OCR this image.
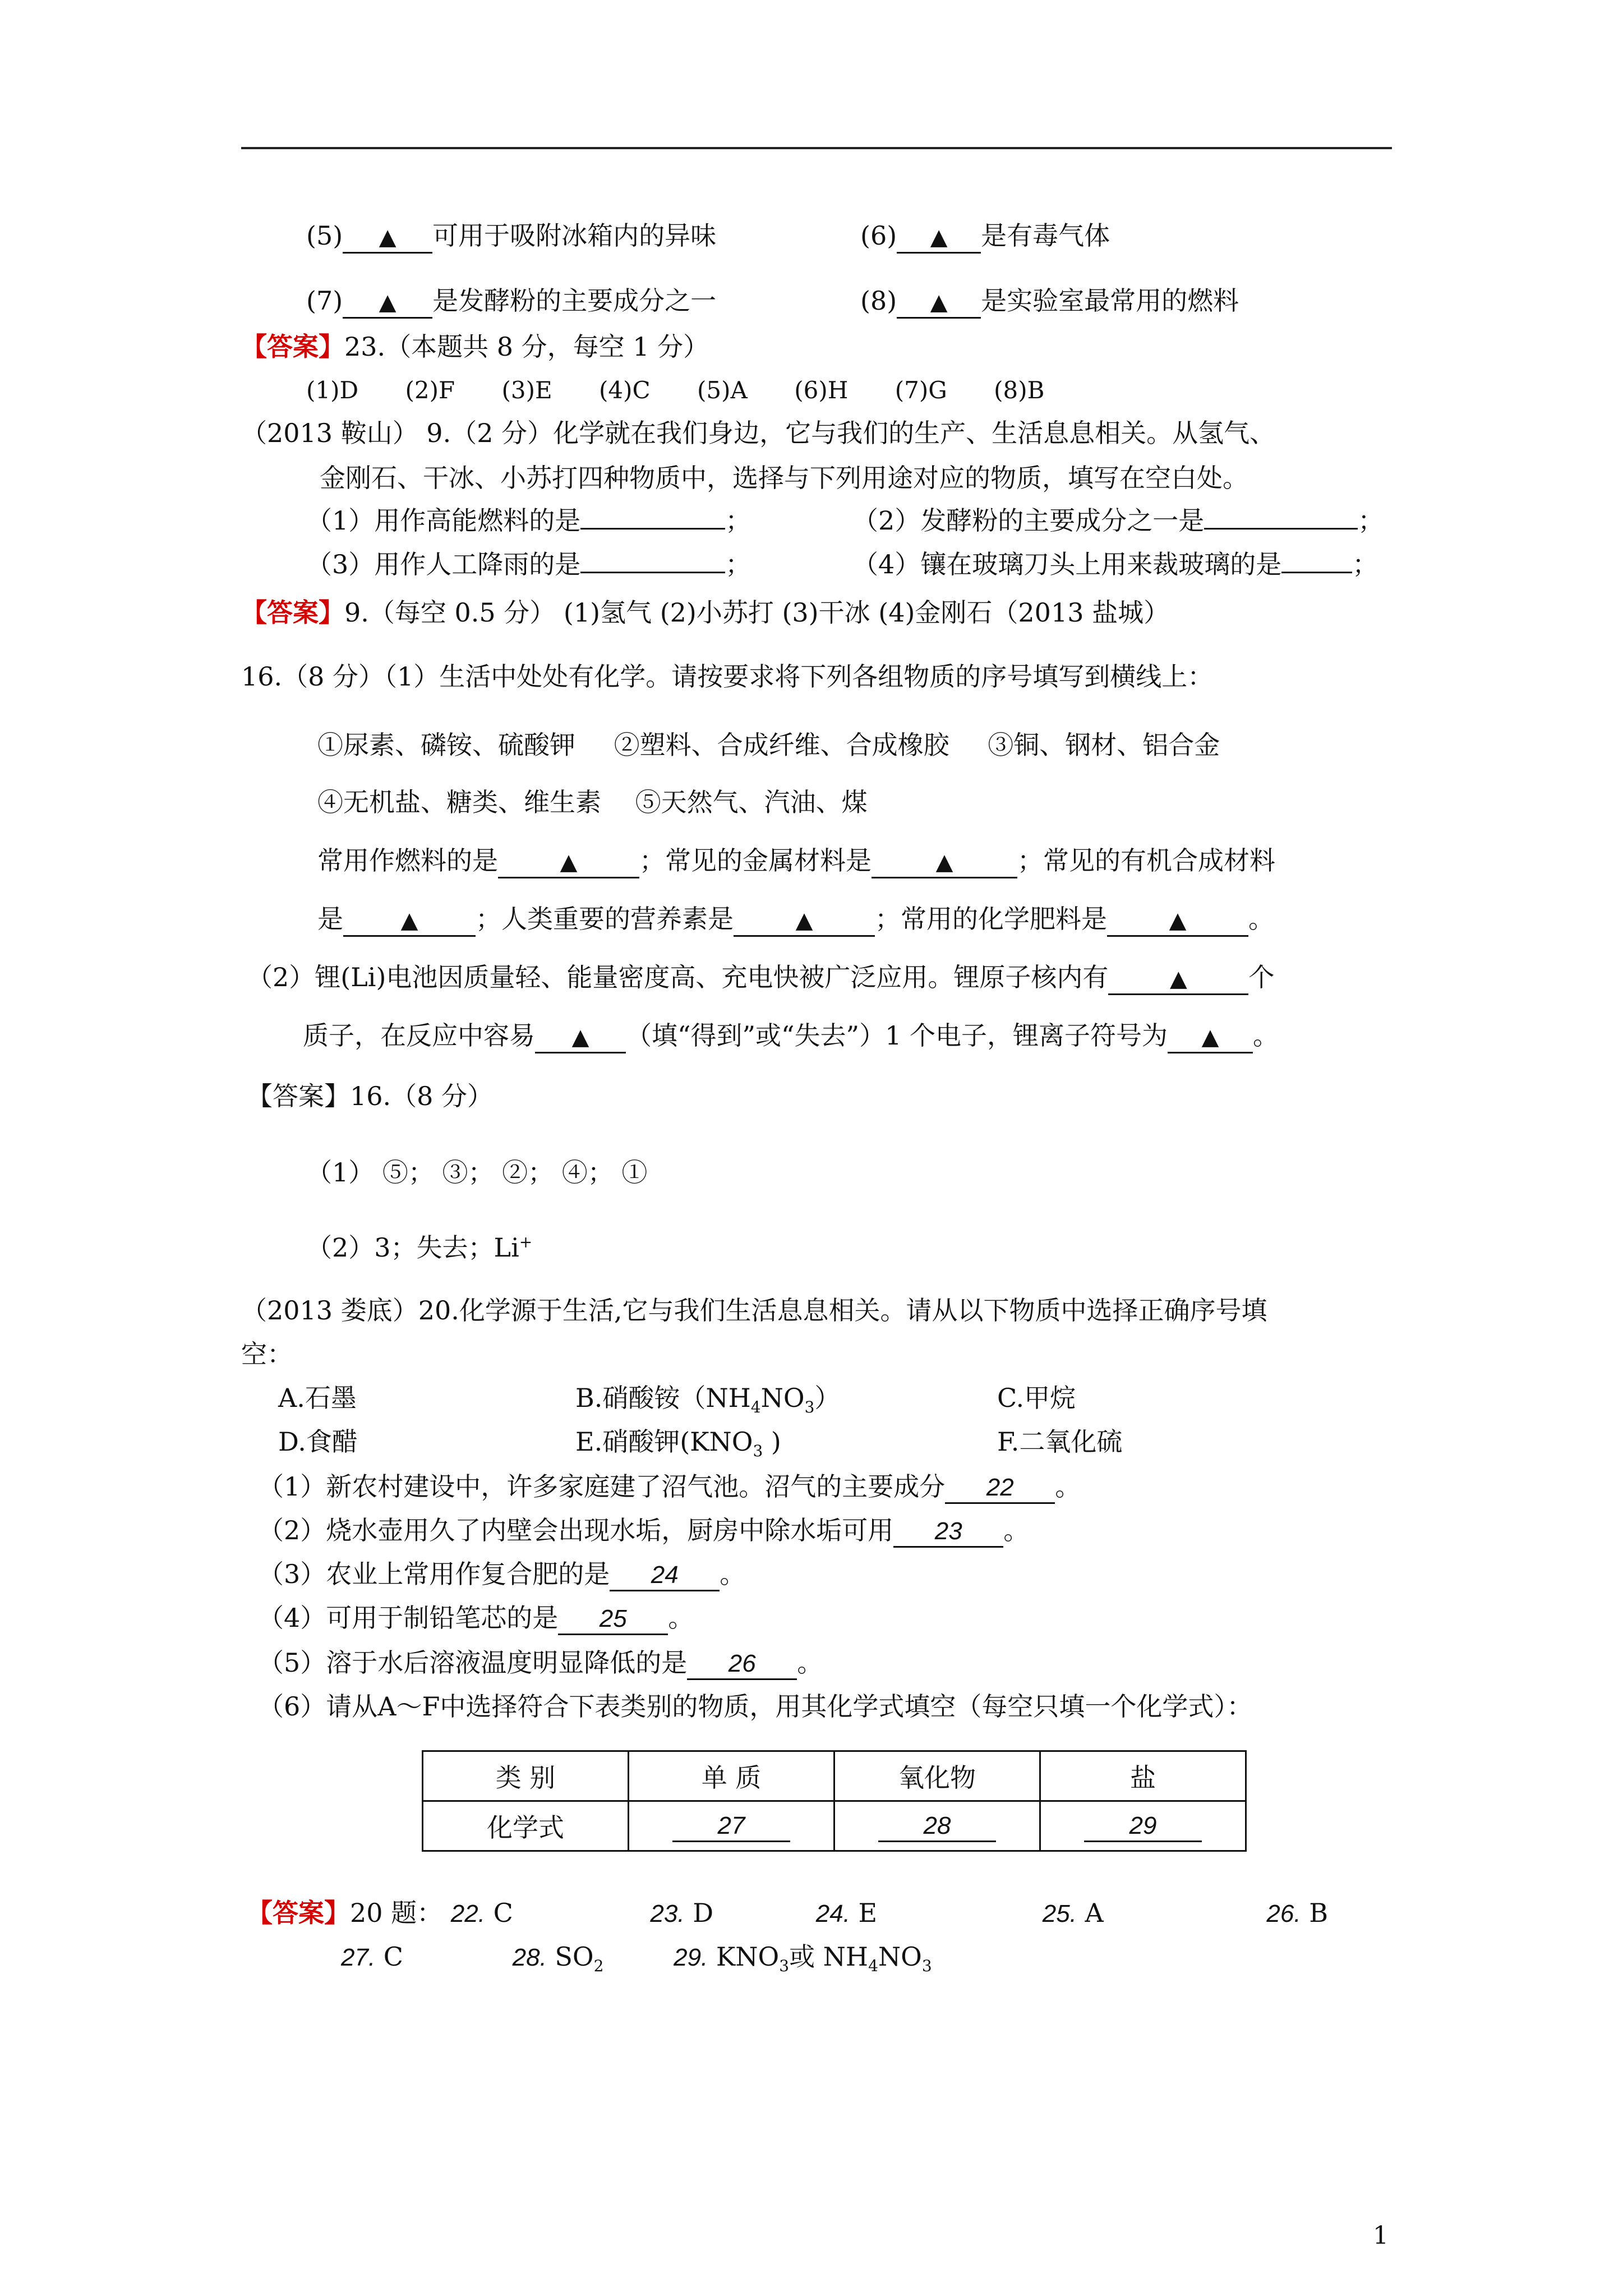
(5) ▲ 可用于吸附冰箱内的异味	(6) ▲ 是有毒气体
(7) ▲ 是发酵粉的主要成分之一	(8) ▲ 是实验室最常用的燃料
【答案】23.（本题共 8 分，每空 1 分）
(1)D (2)F (3)E (4)C (5)A (6)H (7)G (8)B
（2013 鞍山） 9.（2 分）化学就在我们身边，它与我们的生产、生活息息相关。从氢气、
金刚石、干冰、小苏打四种物质中，选择与下列用途对应的物质，填写在空白处。
（1）用作高能燃料的是	；	（2）发酵粉的主要成分之一是	；
（3）用作人工降雨的是	；	（4）镶在玻璃刀头上用来裁玻璃的是	；
【答案】9.（每空 0.5 分） (1)氢气 (2)小苏打 (3)干冰 (4)金刚石（2013 盐城）
16.（8 分）（1）生活中处处有化学。请按要求将下列各组物质的序号填写到横线上：
①尿素、磷铵、硫酸钾 ②塑料、合成纤维、合成橡胶 ③铜、钢材、铝合金
④无机盐、糖类、维生素 ⑤天然气、汽油、煤
常用作燃料的是	▲ ；常见的金属材料是	▲ ；常见的有机合成材料
是	▲ ；人类重要的营养素是	▲ ；常用的化学肥料是	▲ 。
（2）锂(Li)电池因质量轻、能量密度高、充电快被广泛应用。锂原子核内有	▲ 个
质子，在反应中容易 ▲ （填“得到”或“失去”）1 个电子，锂离子符号为 ▲ 。
【答案】16.（8 分）
（1） ⑤； ③； ②； ④； ①
（2）3；失去；Li+
（2013 娄底）20.化学源于生活,它与我们生活息息相关。请从以下物质中选择正确序号填
空：
A.石墨	B.硝酸铵$(NH_4NO_3)$	C.甲烷
D.食醋	E.硝酸钾($KNO_3$ )	F.二氧化硫
（1）新农村建设中，许多家庭建了沼气池。沼气的主要成分 22 。
（2）烧水壶用久了内壁会出现水垢，厨房中除水垢可用 23 。
（3）农业上常用作复合肥的是 24 。
（4）可用于制铅笔芯的是 25 。
（5）溶于水后溶液温度明显降低的是 26 。
（6）请从A～F中选择符合下表类别的物质，用其化学式填空（每空只填一个化学式）：
类 别	单 质	氧化物	盐
化学式	27	28	29
【答案】20 题： 22. C	23. D	24. E	25. A	26. B
27. C	28. $SO_2$	29. $KNO_3$或 $NH_4NO_3$
1
